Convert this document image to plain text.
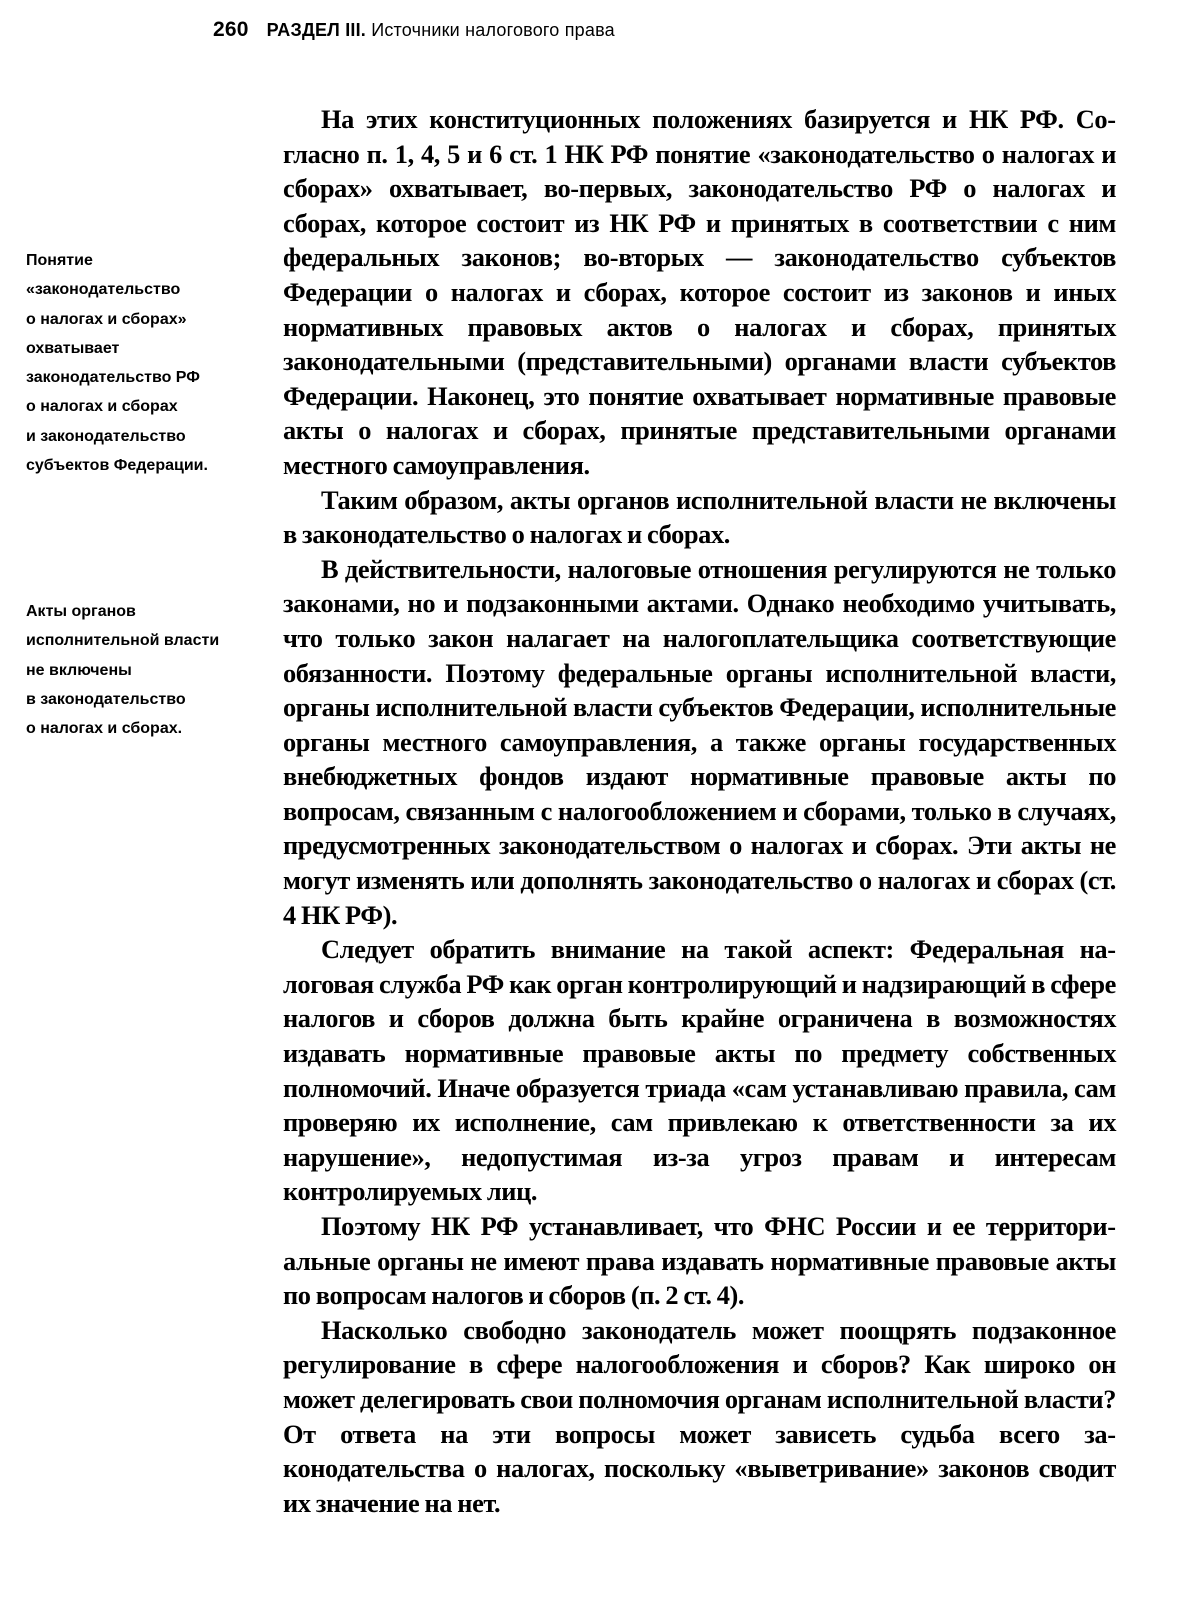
260 РАЗДЕЛ III. Источники налогового права
Понятие
«законодательство
о налогах и сборах»
охватывает
законодательство РФ
о налогах и сборах
и законодательство
субъектов Федерации.
Акты органов
исполнительной власти
не включены
в законодательство
о налогах и сборах.

На этих конституционных положениях базируется и НК РФ. Согласно п. 1, 4, 5 и 6 ст. 1 НК РФ понятие «законодательство о налогах и сборах» охватывает, во-первых, законодательство РФ о налогах и сборах, которое состоит из НК РФ и принятых в соответствии с ним федеральных законов; во-вторых — законодательство субъектов Федерации о налогах и сборах, которое состоит из законов и иных нормативных правовых актов о налогах и сборах, принятых законодательными (представительными) органами власти субъектов Федерации. Наконец, это понятие охватывает нормативные правовые акты о налогах и сборах, принятые представительными органами местного самоуправления.

Таким образом, акты органов исполнительной власти не включены в законодательство о налогах и сборах.

В действительности, налоговые отношения регулируются не только законами, но и подзаконными актами. Однако необходимо учитывать, что только закон налагает на налогоплательщика соответствующие обязанности. Поэтому федеральные органы исполнительной власти, органы исполнительной власти субъектов Федерации, исполнительные органы местного самоуправления, а также органы государственных внебюджетных фондов издают нормативные правовые акты по вопросам, связанным с налогообложением и сборами, только в случаях, предусмотренных законодательством о налогах и сборах. Эти акты не могут изменять или дополнять законодательство о налогах и сборах (ст. 4 НК РФ).

Следует обратить внимание на такой аспект: Федеральная налоговая служба РФ как орган контролирующий и надзирающий в сфере налогов и сборов должна быть крайне ограничена в возможностях издавать нормативные правовые акты по предмету собственных полномочий. Иначе образуется триада «сам устанавливаю правила, сам проверяю их исполнение, сам привлекаю к ответственности за их нарушение», недопустимая из-за угроз правам и интересам контролируемых лиц.

Поэтому НК РФ устанавливает, что ФНС России и ее территориальные органы не имеют права издавать нормативные правовые акты по вопросам налогов и сборов (п. 2 ст. 4).

Насколько свободно законодатель может поощрять подзаконное регулирование в сфере налогообложения и сборов? Как широко он может делегировать свои полномочия органам исполнительной власти? От ответа на эти вопросы может зависеть судьба всего законодательства о налогах, поскольку «выветривание» законов сводит их значение на нет.
